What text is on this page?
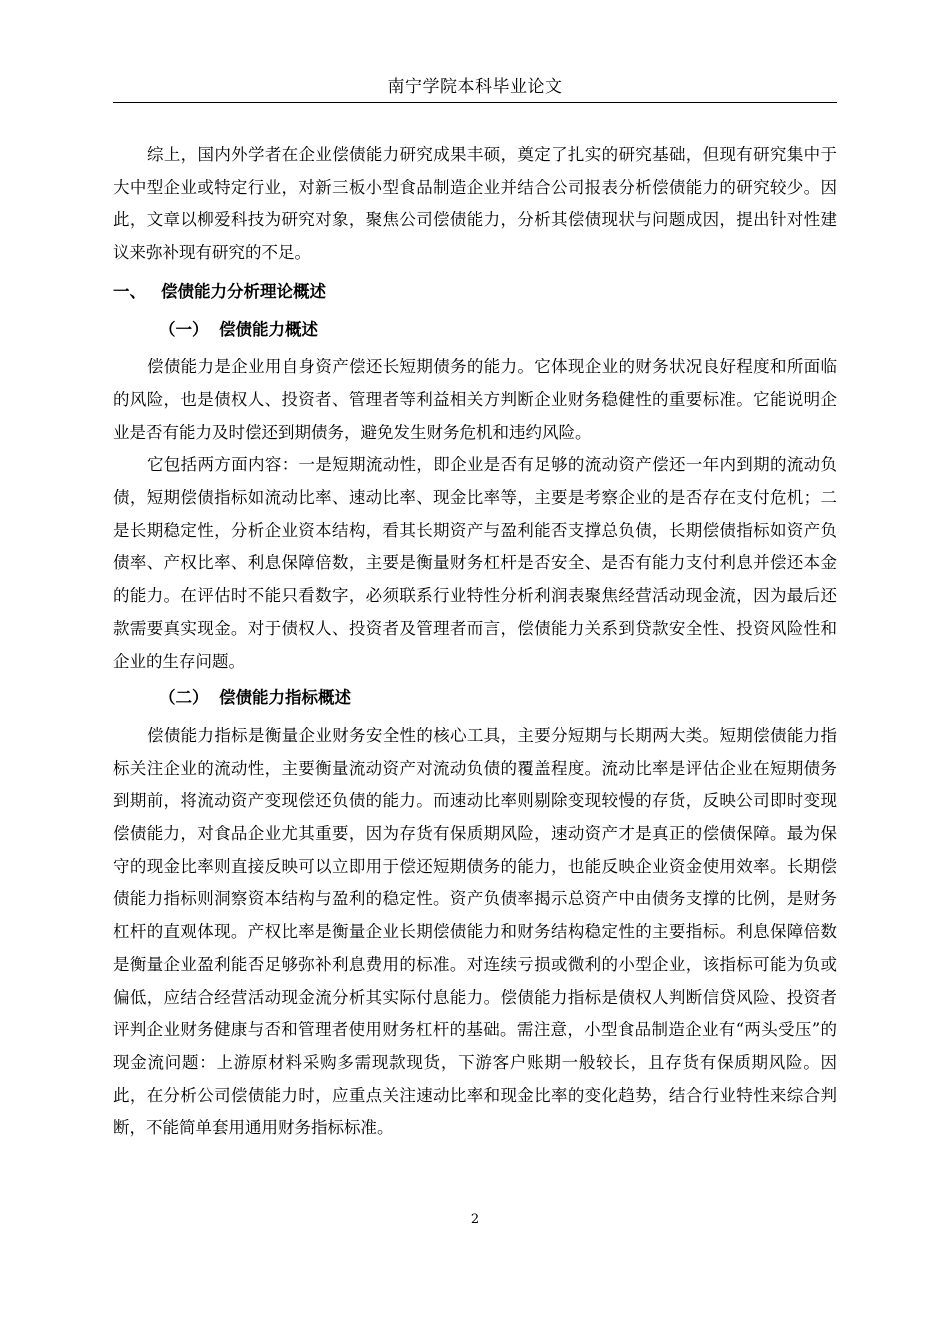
南宁学院本科毕业论文

综上，国内外学者在企业偿债能力研究成果丰硕，奠定了扎实的研究基础，但现有研究集中于大中型企业或特定行业，对新三板小型食品制造企业并结合公司报表分析偿债能力的研究较少。因此，文章以柳爱科技为研究对象，聚焦公司偿债能力，分析其偿债现状与问题成因，提出针对性建议来弥补现有研究的不足。

一、 偿债能力分析理论概述
（一） 偿债能力概述

偿债能力是企业用自身资产偿还长短期债务的能力。它体现企业的财务状况良好程度和所面临的风险，也是债权人、投资者、管理者等利益相关方判断企业财务稳健性的重要标准。它能说明企业是否有能力及时偿还到期债务，避免发生财务危机和违约风险。

它包括两方面内容：一是短期流动性，即企业是否有足够的流动资产偿还一年内到期的流动负债，短期偿债指标如流动比率、速动比率、现金比率等，主要是考察企业的是否存在支付危机；二是长期稳定性，分析企业资本结构，看其长期资产与盈利能否支撑总负债，长期偿债指标如资产负债率、产权比率、利息保障倍数，主要是衡量财务杠杆是否安全、是否有能力支付利息并偿还本金的能力。在评估时不能只看数字，必须联系行业特性分析利润表聚焦经营活动现金流，因为最后还款需要真实现金。对于债权人、投资者及管理者而言，偿债能力关系到贷款安全性、投资风险性和企业的生存问题。

（二） 偿债能力指标概述

偿债能力指标是衡量企业财务安全性的核心工具，主要分短期与长期两大类。短期偿债能力指标关注企业的流动性，主要衡量流动资产对流动负债的覆盖程度。流动比率是评估企业在短期债务到期前，将流动资产变现偿还负债的能力。而速动比率则剔除变现较慢的存货，反映公司即时变现偿债能力，对食品企业尤其重要，因为存货有保质期风险，速动资产才是真正的偿债保障。最为保守的现金比率则直接反映可以立即用于偿还短期债务的能力，也能反映企业资金使用效率。长期偿债能力指标则洞察资本结构与盈利的稳定性。资产负债率揭示总资产中由债务支撑的比例，是财务杠杆的直观体现。产权比率是衡量企业长期偿债能力和财务结构稳定性的主要指标。利息保障倍数是衡量企业盈利能否足够弥补利息费用的标准。对连续亏损或微利的小型企业，该指标可能为负或偏低，应结合经营活动现金流分析其实际付息能力。偿债能力指标是债权人判断信贷风险、投资者评判企业财务健康与否和管理者使用财务杠杆的基础。需注意，小型食品制造企业有“两头受压”的现金流问题：上游原材料采购多需现款现货，下游客户账期一般较长，且存货有保质期风险。因此，在分析公司偿债能力时，应重点关注速动比率和现金比率的变化趋势，结合行业特性来综合判断，不能简单套用通用财务指标标准。

2
